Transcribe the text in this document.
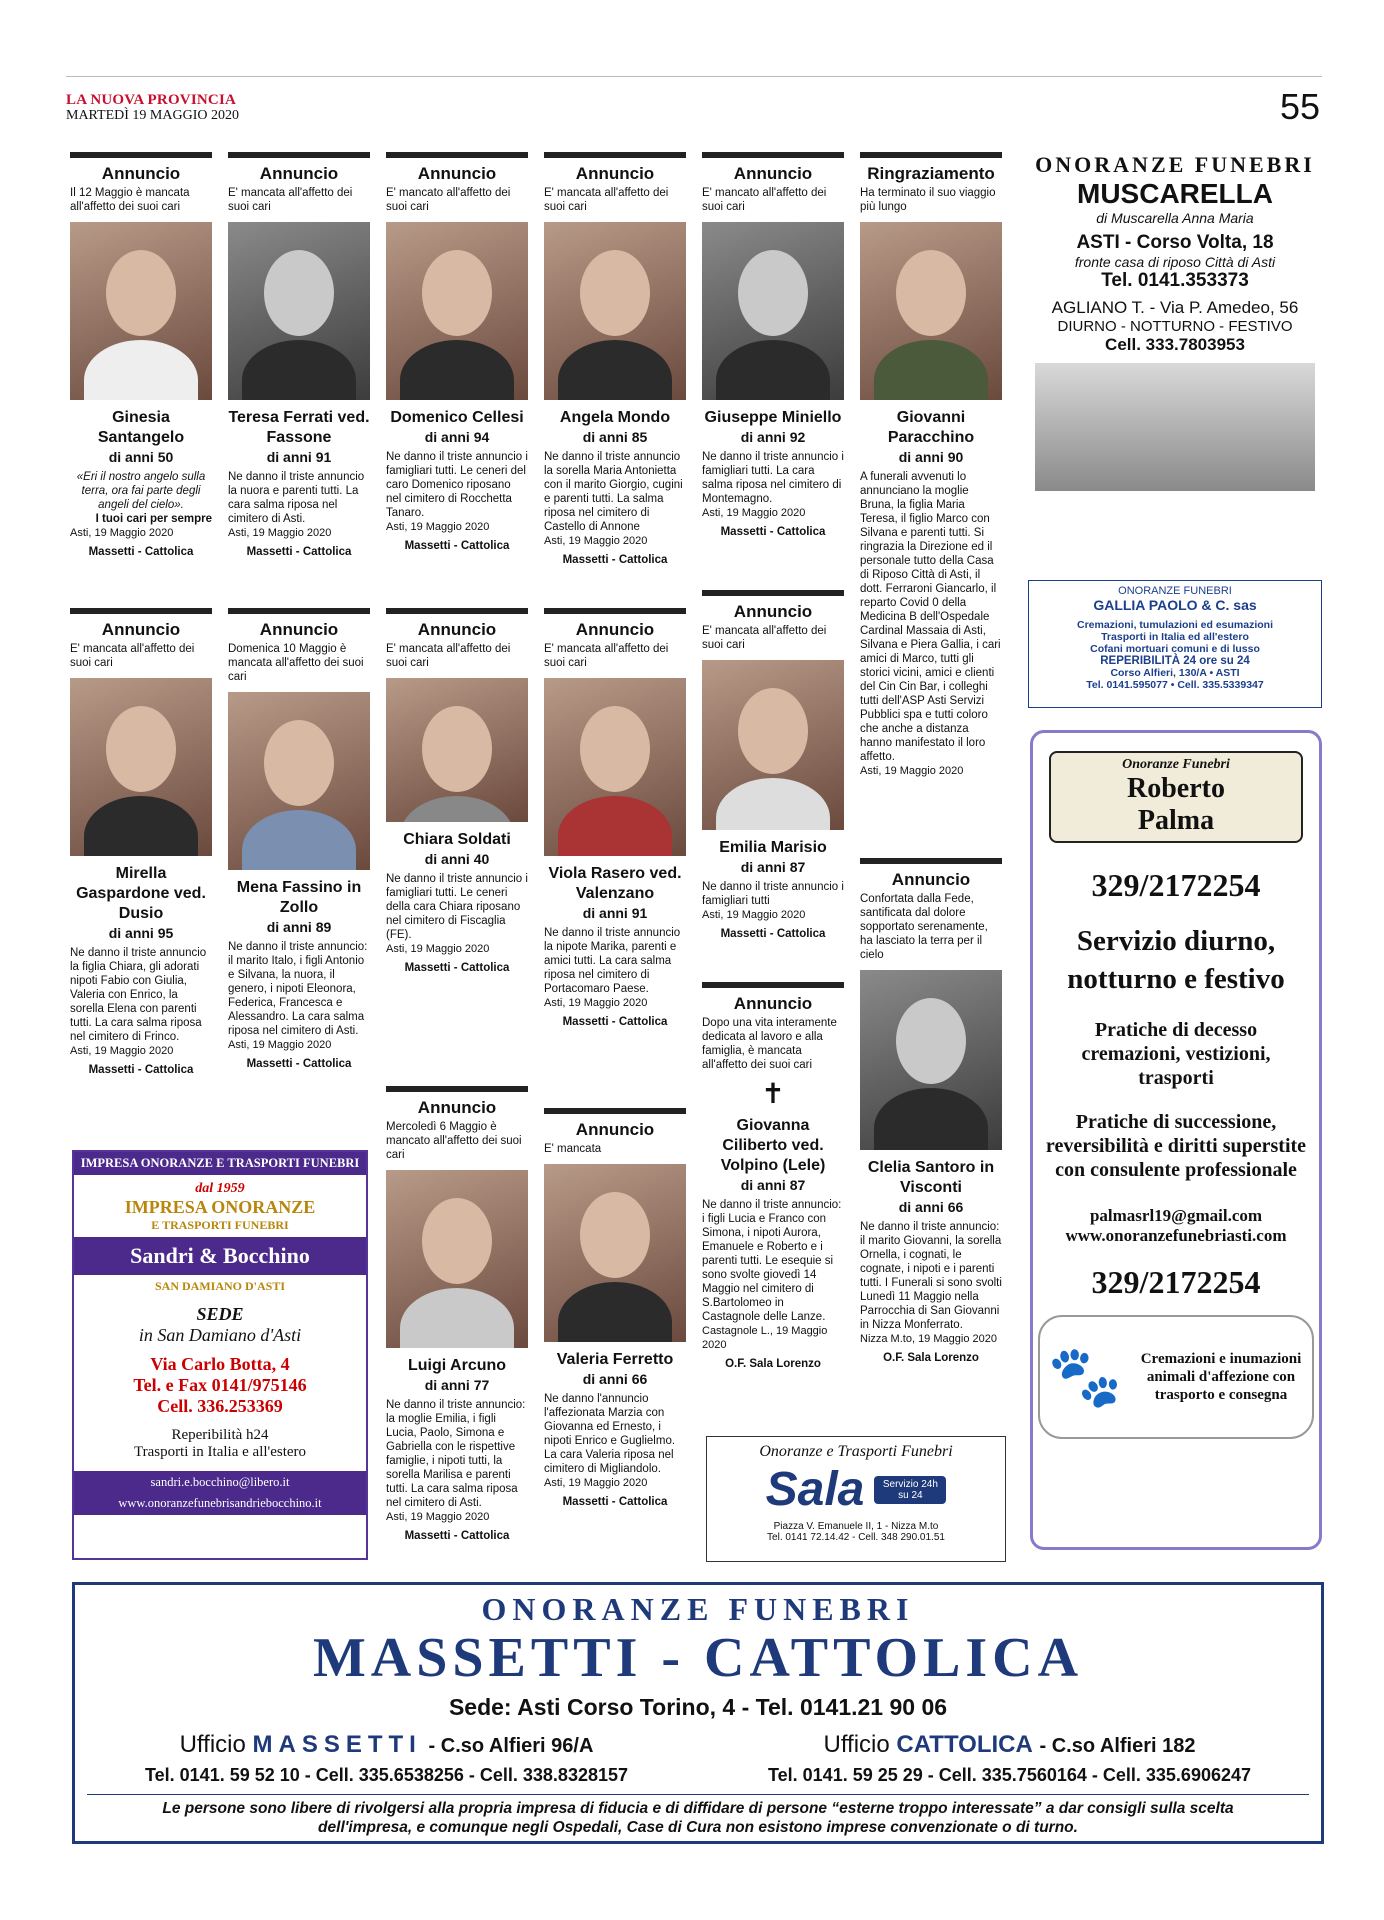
LA NUOVA PROVINCIA
MARTEDÌ 19 MAGGIO 2020	55
Annuncio
Il 12 Maggio è mancata all'affetto dei suoi cari
Ginesia Santangelo
di anni 50
«Eri il nostro angelo sulla terra, ora fai parte degli angeli del cielo».
I tuoi cari per sempre
Asti, 19 Maggio 2020
Massetti - Cattolica
Annuncio
E' mancata all'affetto dei suoi cari
Teresa Ferrati ved. Fassone
di anni 91
Ne danno il triste annuncio la nuora e parenti tutti. La cara salma riposa nel cimitero di Asti.
Asti, 19 Maggio 2020
Massetti - Cattolica
Annuncio
E' mancato all'affetto dei suoi cari
Domenico Cellesi
di anni 94
Ne danno il triste annuncio i famigliari tutti. Le ceneri del caro Domenico riposano nel cimitero di Rocchetta Tanaro.
Asti, 19 Maggio 2020
Massetti - Cattolica
Annuncio
E' mancata all'affetto dei suoi cari
Angela Mondo
di anni 85
Ne danno il triste annuncio la sorella Maria Antonietta con il marito Giorgio, cugini e parenti tutti. La salma riposa nel cimitero di Castello di Annone
Asti, 19 Maggio 2020
Massetti - Cattolica
Annuncio
E' mancato all'affetto dei suoi cari
Giuseppe Miniello
di anni 92
Ne danno il triste annuncio i famigliari tutti. La cara salma riposa nel cimitero di Montemagno.
Asti, 19 Maggio 2020
Massetti - Cattolica
Ringraziamento
Ha terminato il suo viaggio più lungo
Giovanni Paracchino
di anni 90
A funerali avvenuti lo annunciano la moglie Bruna, la figlia Maria Teresa, il figlio Marco con Silvana e parenti tutti. Si ringrazia la Direzione ed il personale tutto della Casa di Riposo Città di Asti, il dott. Ferraroni Giancarlo, il reparto Covid 0 della Medicina B dell'Ospedale Cardinal Massaia di Asti, Silvana e Piera Gallia, i cari amici di Marco, tutti gli storici vicini, amici e clienti del Cin Cin Bar, i colleghi tutti dell'ASP Asti Servizi Pubblici spa e tutti coloro che anche a distanza hanno manifestato il loro affetto.
Asti, 19 Maggio 2020
Annuncio
E' mancata all'affetto dei suoi cari
Mirella Gaspardone ved. Dusio
di anni 95
Ne danno il triste annuncio la figlia Chiara, gli adorati nipoti Fabio con Giulia, Valeria con Enrico, la sorella Elena con parenti tutti. La cara salma riposa nel cimitero di Frinco.
Asti, 19 Maggio 2020
Massetti - Cattolica
Annuncio
Domenica 10 Maggio è mancata all'affetto dei suoi cari
Mena Fassino in Zollo
di anni 89
Ne danno il triste annuncio: il marito Italo, i figli Antonio e Silvana, la nuora, il genero, i nipoti Eleonora, Federica, Francesca e Alessandro. La cara salma riposa nel cimitero di Asti.
Asti, 19 Maggio 2020
Massetti - Cattolica
Annuncio
E' mancata all'affetto dei suoi cari
Chiara Soldati
di anni 40
Ne danno il triste annuncio i famigliari tutti. Le ceneri della cara Chiara riposano nel cimitero di Fiscaglia (FE).
Asti, 19 Maggio 2020
Massetti - Cattolica
Annuncio
E' mancata all'affetto dei suoi cari
Viola Rasero ved. Valenzano
di anni 91
Ne danno il triste annuncio la nipote Marika, parenti e amici tutti. La cara salma riposa nel cimitero di Portacomaro Paese.
Asti, 19 Maggio 2020
Massetti - Cattolica
Annuncio
E' mancata all'affetto dei suoi cari
Emilia Marisio
di anni 87
Ne danno il triste annuncio i famigliari tutti
Asti, 19 Maggio 2020
Massetti - Cattolica
Annuncio
Confortata dalla Fede, santificata dal dolore sopportato serenamente, ha lasciato la terra per il cielo
Clelia Santoro in Visconti
di anni 66
Ne danno il triste annuncio: il marito Giovanni, la sorella Ornella, i cognati, le cognate, i nipoti e i parenti tutti. I Funerali si sono svolti Lunedì 11 Maggio nella Parrocchia di San Giovanni in Nizza Monferrato.
Nizza M.to, 19 Maggio 2020
O.F. Sala Lorenzo
Annuncio
Dopo una vita interamente dedicata al lavoro e alla famiglia, è mancata all'affetto dei suoi cari
✝
Giovanna Ciliberto ved. Volpino (Lele)
di anni 87
Ne danno il triste annuncio: i figli Lucia e Franco con Simona, i nipoti Aurora, Emanuele e Roberto e i parenti tutti. Le esequie si sono svolte giovedì 14 Maggio nel cimitero di S.Bartolomeo in Castagnole delle Lanze.
Castagnole L., 19 Maggio 2020
O.F. Sala Lorenzo
Annuncio
Mercoledì 6 Maggio è mancato all'affetto dei suoi cari
Luigi Arcuno
di anni 77
Ne danno il triste annuncio: la moglie Emilia, i figli Lucia, Paolo, Simona e Gabriella con le rispettive famiglie, i nipoti tutti, la sorella Marilisa e parenti tutti. La cara salma riposa nel cimitero di Asti.
Asti, 19 Maggio 2020
Massetti - Cattolica
Annuncio
E' mancata
Valeria Ferretto
di anni 66
Ne danno l'annuncio l'affezionata Marzia con Giovanna ed Ernesto, i nipoti Enrico e Guglielmo. La cara Valeria riposa nel cimitero di Migliandolo.
Asti, 19 Maggio 2020
Massetti - Cattolica
ONORANZE FUNEBRI
MUSCARELLA
di Muscarella Anna Maria
ASTI - Corso Volta, 18
fronte casa di riposo Città di Asti
Tel. 0141.353373
AGLIANO T. - Via P. Amedeo, 56
DIURNO - NOTTURNO - FESTIVO
Cell. 333.7803953
ONORANZE FUNEBRI
GALLIA PAOLO & C. sas
Cremazioni, tumulazioni ed esumazioni
Trasporti in Italia ed all'estero
Cofani mortuari comuni e di lusso
REPERIBILITÀ 24 ore su 24
Corso Alfieri, 130/A • ASTI
Tel. 0141.595077 • Cell. 335.5339347
Onoranze Funebri
Roberto
Palma
329/2172254
Servizio diurno, notturno e festivo
Pratiche di decesso cremazioni, vestizioni, trasporti
Pratiche di successione, reversibilità e diritti superstite con consulente professionale
palmasrl19@gmail.com
www.onoranzefunebriasti.com
329/2172254
🐾	Cremazioni e inumazioni animali d'affezione con trasporto e consegna
IMPRESA ONORANZE E TRASPORTI FUNEBRI
dal 1959
IMPRESA ONORANZE
E TRASPORTI FUNEBRI
Sandri & Bocchino
SAN DAMIANO D'ASTI
SEDE
in San Damiano d'Asti
Via Carlo Botta, 4
Tel. e Fax 0141/975146
Cell. 336.253369
Reperibilità h24
Trasporti in Italia e all'estero
sandri.e.bocchino@libero.it
www.onoranzefunebrisandriebocchino.it
Onoranze e Trasporti Funebri
Sala	Servizio 24h su 24
Piazza V. Emanuele II, 1 - Nizza M.to
Tel. 0141 72.14.42 - Cell. 348 290.01.51
ONORANZE FUNEBRI
MASSETTI - CATTOLICA
Sede: Asti Corso Torino, 4 - Tel. 0141.21 90 06
Ufficio MASSETTI - C.so Alfieri 96/A
Tel. 0141. 59 52 10 - Cell. 335.6538256 - Cell. 338.8328157
Ufficio CATTOLICA - C.so Alfieri 182
Tel. 0141. 59 25 29 - Cell. 335.7560164 - Cell. 335.6906247
Le persone sono libere di rivolgersi alla propria impresa di fiducia e di diffidare di persone “esterne troppo interessate” a dar consigli sulla scelta dell'impresa, e comunque negli Ospedali, Case di Cura non esistono imprese convenzionate o di turno.
